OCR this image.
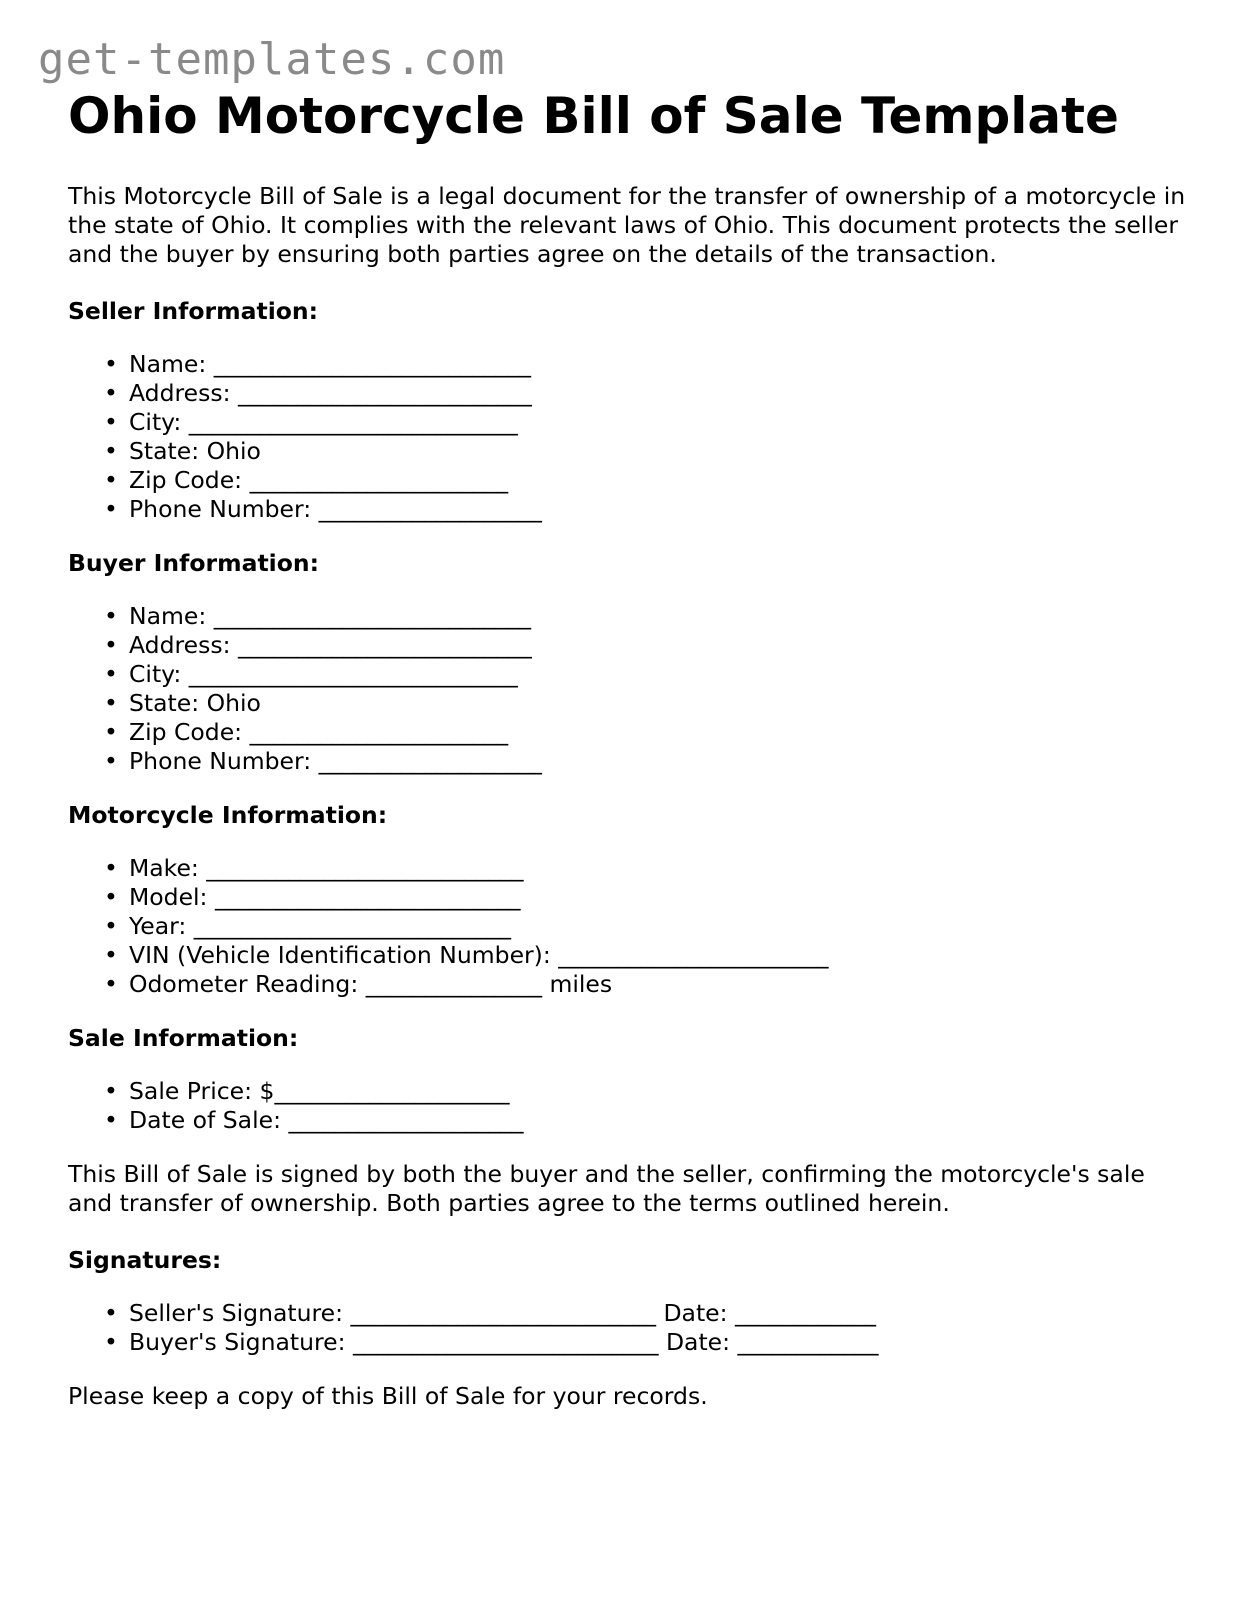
get-templates.com
Ohio Motorcycle Bill of Sale Template

This Motorcycle Bill of Sale is a legal document for the transfer of ownership of a motorcycle in the state of Ohio. It complies with the relevant laws of Ohio. This document protects the seller and the buyer by ensuring both parties agree on the details of the transaction.

Seller Information:
• Name: ___________________________
• Address: _________________________
• City: ____________________________
• State: Ohio
• Zip Code: ______________________
• Phone Number: ___________________
Buyer Information:
• Name: ___________________________
• Address: _________________________
• City: ____________________________
• State: Ohio
• Zip Code: ______________________
• Phone Number: ___________________
Motorcycle Information:
• Make: ___________________________
• Model: __________________________
• Year: ___________________________
• VIN (Vehicle Identification Number): _______________________
• Odometer Reading: _______________ miles
Sale Information:
• Sale Price: $____________________
• Date of Sale: ____________________

This Bill of Sale is signed by both the buyer and the seller, confirming the motorcycle's sale and transfer of ownership. Both parties agree to the terms outlined herein.

Signatures:
• Seller's Signature: __________________________ Date: ____________
• Buyer's Signature: __________________________ Date: ____________

Please keep a copy of this Bill of Sale for your records.
